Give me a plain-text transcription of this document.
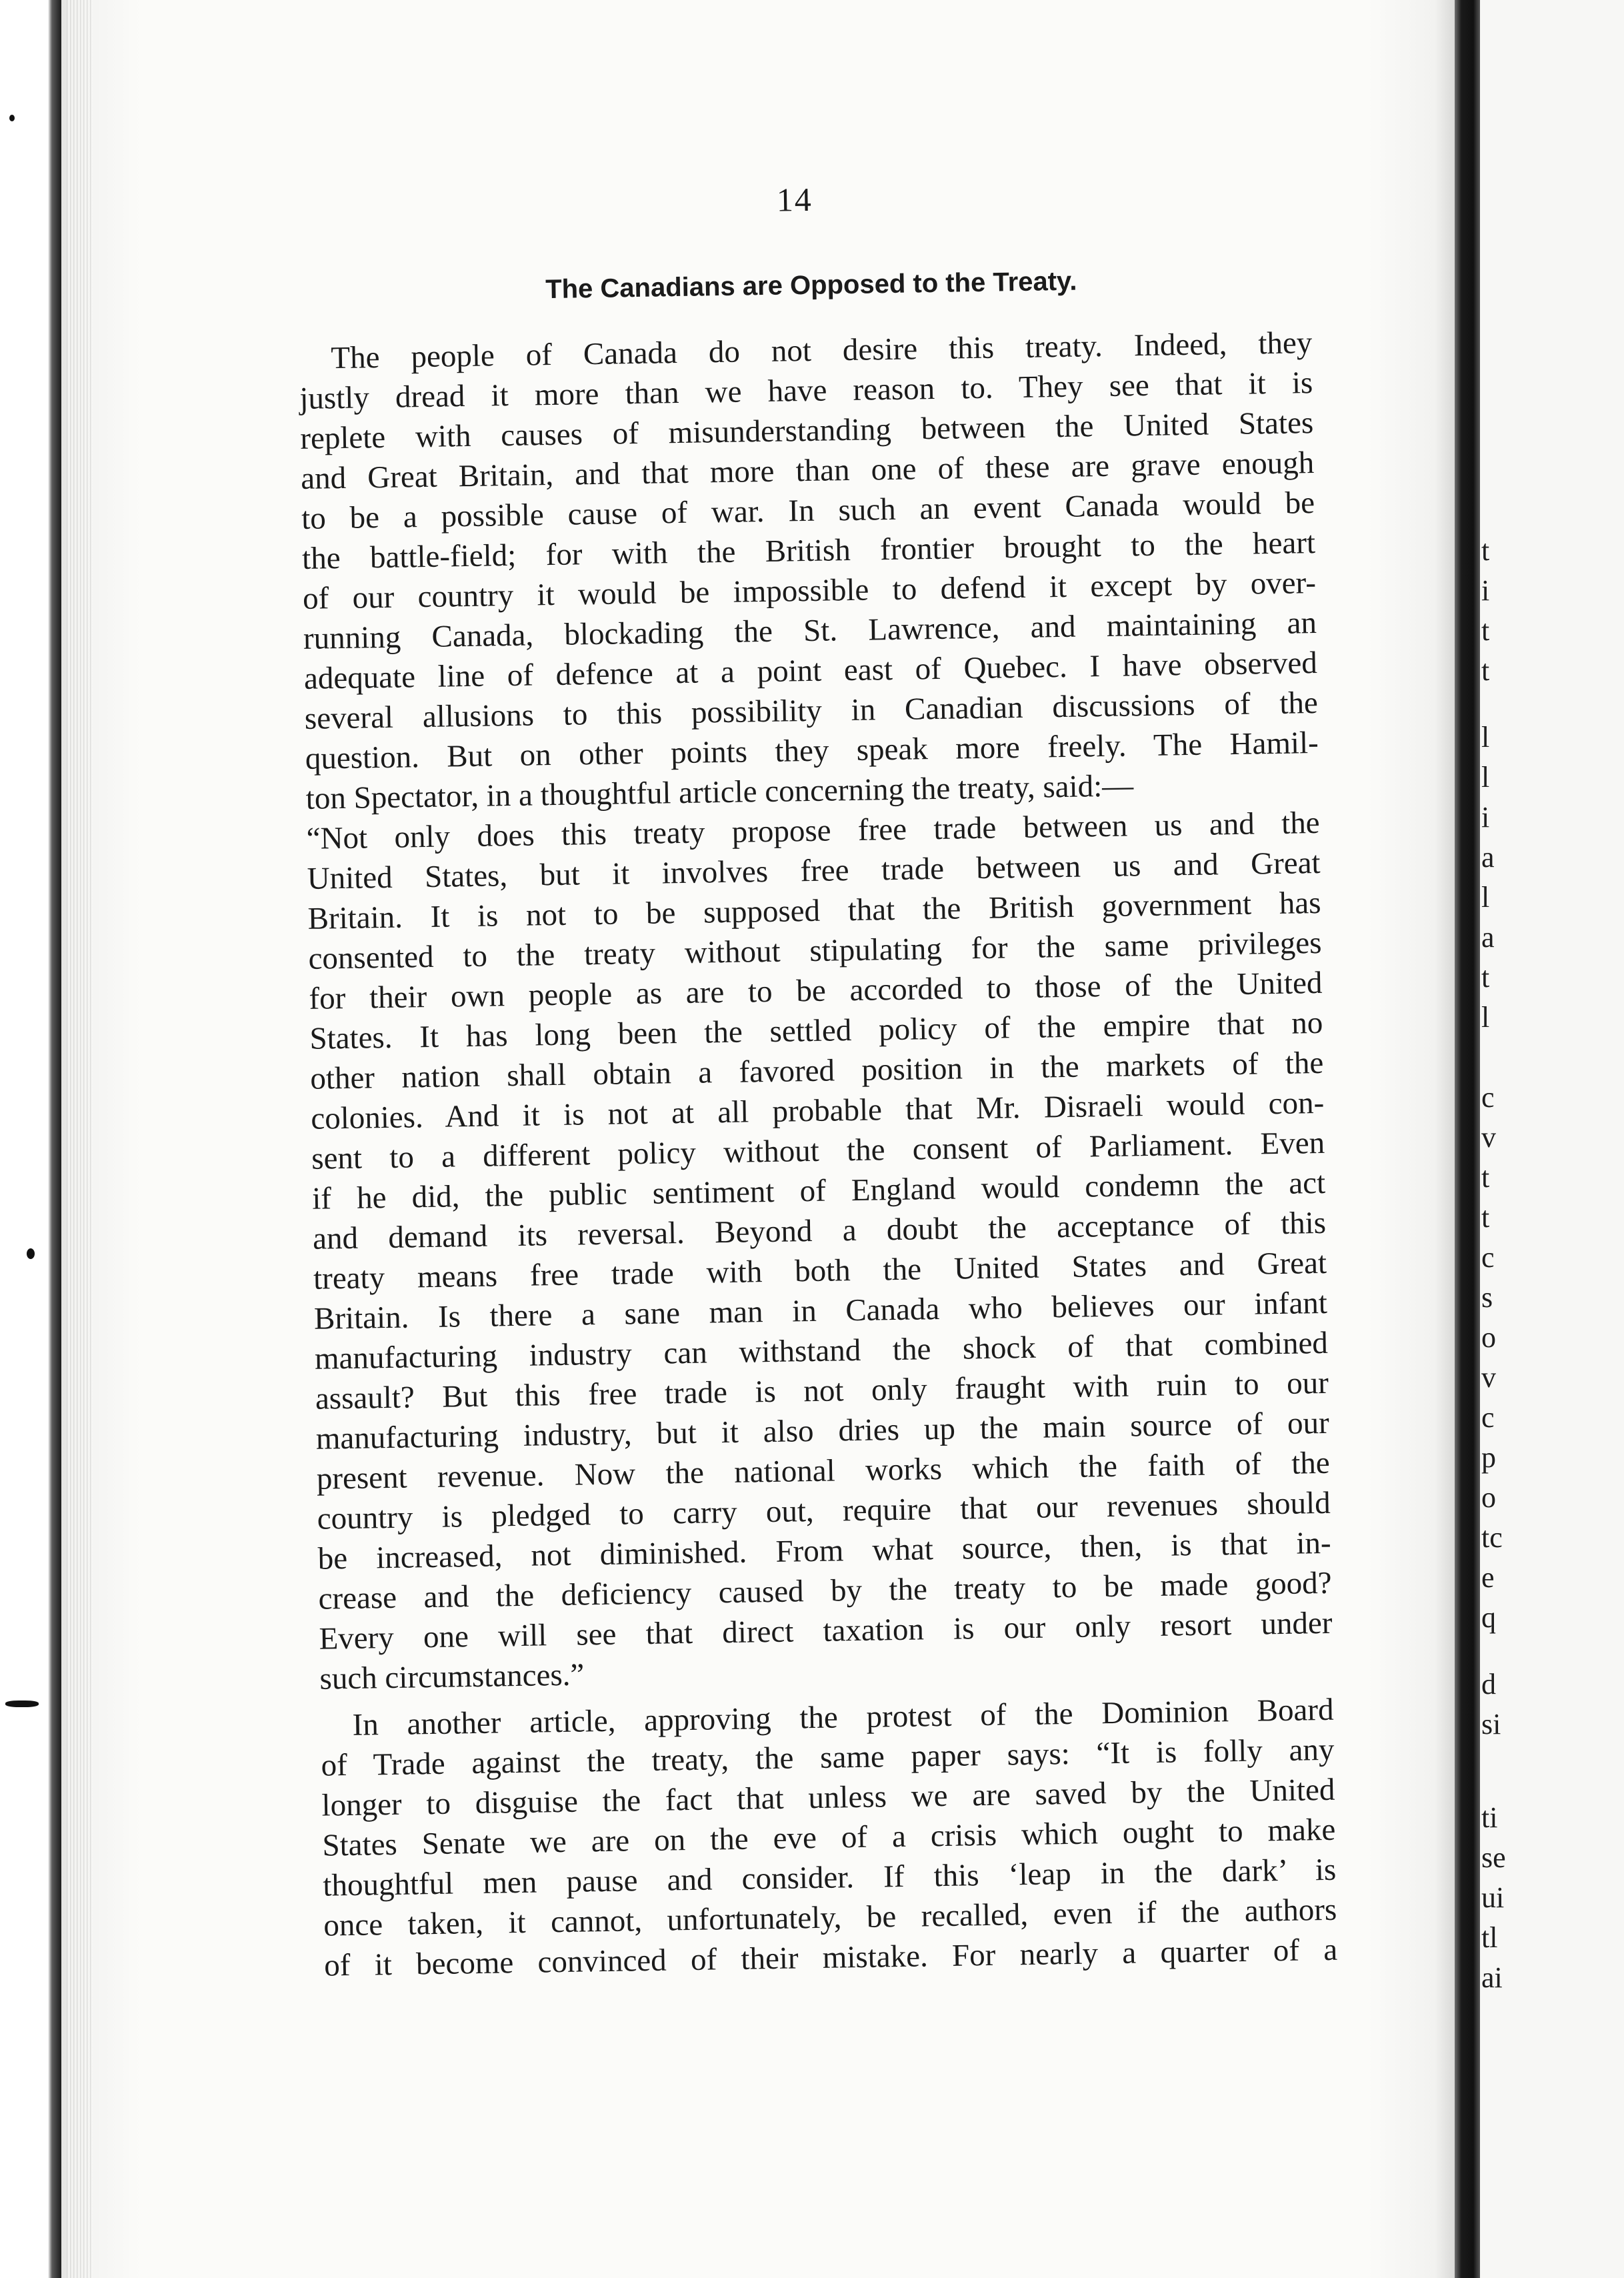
14
The Canadians are Opposed to the Treaty.
The people of Canada do not desire this treaty. Indeed, they
justly dread it more than we have reason to. They see that it is
replete with causes of misunderstanding between the United States
and Great Britain, and that more than one of these are grave enough
to be a possible cause of war. In such an event Canada would be
the battle-field; for with the British frontier brought to the heart
of our country it would be impossible to defend it except by over-
running Canada, blockading the St. Lawrence, and maintaining an
adequate line of defence at a point east of Quebec. I have observed
several allusions to this possibility in Canadian discussions of the
question. But on other points they speak more freely. The Hamil-
ton Spectator, in a thoughtful article concerning the treaty, said:—
“Not only does this treaty propose free trade between us and the
United States, but it involves free trade between us and Great
Britain. It is not to be supposed that the British government has
consented to the treaty without stipulating for the same privileges
for their own people as are to be accorded to those of the United
States. It has long been the settled policy of the empire that no
other nation shall obtain a favored position in the markets of the
colonies. And it is not at all probable that Mr. Disraeli would con-
sent to a different policy without the consent of Parliament. Even
if he did, the public sentiment of England would condemn the act
and demand its reversal. Beyond a doubt the acceptance of this
treaty means free trade with both the United States and Great
Britain. Is there a sane man in Canada who believes our infant
manufacturing industry can withstand the shock of that combined
assault? But this free trade is not only fraught with ruin to our
manufacturing industry, but it also dries up the main source of our
present revenue. Now the national works which the faith of the
country is pledged to carry out, require that our revenues should
be increased, not diminished. From what source, then, is that in-
crease and the deficiency caused by the treaty to be made good?
Every one will see that direct taxation is our only resort under
such circumstances.”
In another article, approving the protest of the Dominion Board
of Trade against the treaty, the same paper says: “It is folly any
longer to disguise the fact that unless we are saved by the United
States Senate we are on the eve of a crisis which ought to make
thoughtful men pause and consider. If this ‘leap in the dark’ is
once taken, it cannot, unfortunately, be recalled, even if the authors
of it become convinced of their mistake. For nearly a quarter of a
t
i
t
t
l
l
i
a
l
a
t
l
c
v
t
t
c
s
o
v
c
p
o
tc
e
q
d
si
ti
se
ui
tl
ai
